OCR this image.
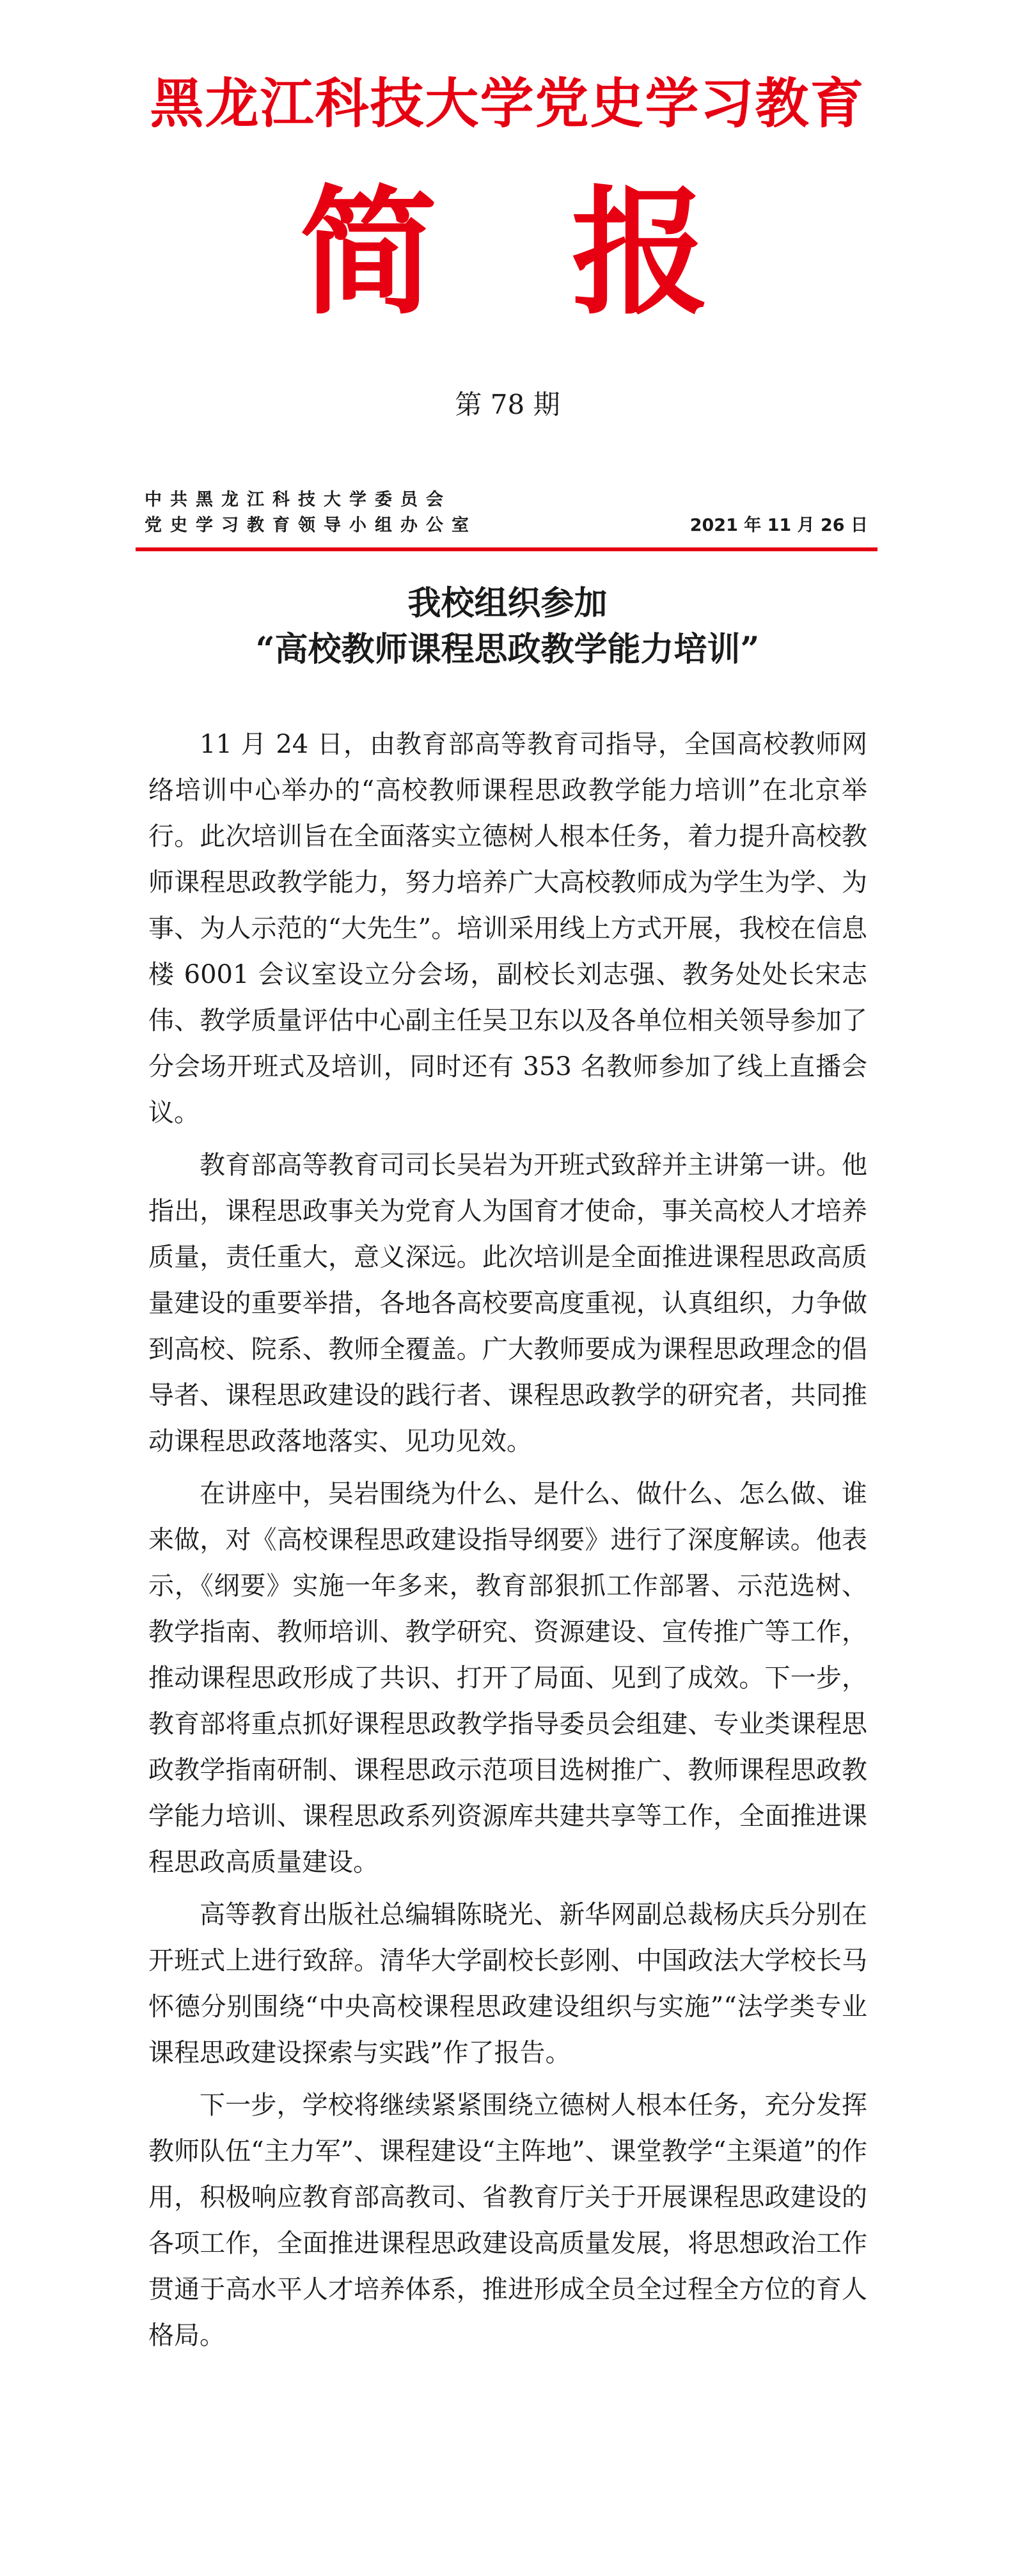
黑龙江科技大学党史学习教育
简 报
第 78 期
中共黑龙江科技大学委员会
党史学习教育领导小组办公室	2021 年 11 月 26 日
我校组织参加
“高校教师课程思政教学能力培训”

11 月 24 日，由教育部高等教育司指导，全国高校教师网络培训中心举办的“高校教师课程思政教学能力培训”在北京举行。此次培训旨在全面落实立德树人根本任务，着力提升高校教师课程思政教学能力，努力培养广大高校教师成为学生为学、为事、为人示范的“大先生”。培训采用线上方式开展，我校在信息楼 6001 会议室设立分会场，副校长刘志强、教务处处长宋志伟、教学质量评估中心副主任吴卫东以及各单位相关领导参加了分会场开班式及培训，同时还有 353 名教师参加了线上直播会议。

教育部高等教育司司长吴岩为开班式致辞并主讲第一讲。他指出，课程思政事关为党育人为国育才使命，事关高校人才培养质量，责任重大，意义深远。此次培训是全面推进课程思政高质量建设的重要举措，各地各高校要高度重视，认真组织，力争做到高校、院系、教师全覆盖。广大教师要成为课程思政理念的倡导者、课程思政建设的践行者、课程思政教学的研究者，共同推动课程思政落地落实、见功见效。

在讲座中，吴岩围绕为什么、是什么、做什么、怎么做、谁来做，对《高校课程思政建设指导纲要》进行了深度解读。他表示，《纲要》实施一年多来，教育部狠抓工作部署、示范选树、教学指南、教师培训、教学研究、资源建设、宣传推广等工作，推动课程思政形成了共识、打开了局面、见到了成效。下一步，教育部将重点抓好课程思政教学指导委员会组建、专业类课程思政教学指南研制、课程思政示范项目选树推广、教师课程思政教学能力培训、课程思政系列资源库共建共享等工作，全面推进课程思政高质量建设。

高等教育出版社总编辑陈晓光、新华网副总裁杨庆兵分别在开班式上进行致辞。清华大学副校长彭刚、中国政法大学校长马怀德分别围绕“中央高校课程思政建设组织与实施”“法学类专业课程思政建设探索与实践”作了报告。

下一步，学校将继续紧紧围绕立德树人根本任务，充分发挥教师队伍“主力军”、课程建设“主阵地”、课堂教学“主渠道”的作用，积极响应教育部高教司、省教育厅关于开展课程思政建设的各项工作，全面推进课程思政建设高质量发展，将思想政治工作贯通于高水平人才培养体系，推进形成全员全过程全方位的育人格局。
